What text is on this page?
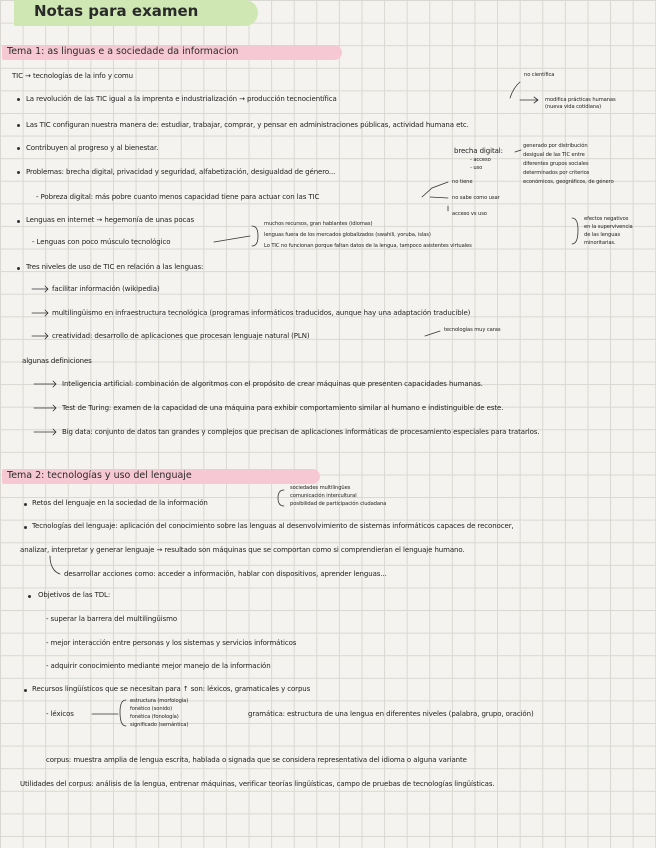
Notas para examen
Tema 1: as linguas e a sociedade da informacion
TIC → tecnologías de la info y comu	no científica
La revolución de las TIC igual a la imprenta e industrialización → producción tecnocientífica	modifica prácticas humanas
(nueva vida cotidiana)
Las TIC configuran nuestra manera de: estudiar, trabajar, comprar, y pensar en administraciones públicas, actividad humana etc.
Contribuyen al progreso y al bienestar.	brecha digital:
- acceso
- uso
generado por distribución
desigual de las TIC entre
diferentes grupos sociales
determinados por criterios
económicos, geográficos, de género
Problemas: brecha digital, privacidad y seguridad, alfabetización, desigualdad de género...
- Pobreza digital: más pobre cuanto menos capacidad tiene para actuar con las TIC
no tiene
no sabe como usar
acceso vs uso
Lenguas en internet → hegemonía de unas pocas	muchos recursos, gran hablantes (idiomas)
lenguas fuera de los mercados globalizados (swahili, yoruba, islas)
Lo TIC no funcionan porque faltan datos de la lengua, tampoco asistentes virtuales
- Lenguas con poco músculo tecnológico
efectos negativos
en la supervivencia
de las lenguas
minoritarias.
Tres niveles de uso de TIC en relación a las lenguas:
facilitar información (wikipedia)
multilingüismo en infraestructura tecnológica (programas informáticos traducidos, aunque hay una adaptación traducible)
creatividad: desarrollo de aplicaciones que procesan lenguaje natural (PLN)
tecnologías muy caras
algunas definiciones
Inteligencia artificial: combinación de algoritmos con el propósito de crear máquinas que presenten capacidades humanas.
Test de Turing: examen de la capacidad de una máquina para exhibir comportamiento similar al humano e indistinguible de este.
Big data: conjunto de datos tan grandes y complejos que precisan de aplicaciones informáticas de procesamiento especiales para tratarlos.
Tema 2: tecnologías y uso del lenguaje
Retos del lenguaje en la sociedad de la información
sociedades multilingües
comunicación intercultural
posibilidad de participación ciudadana
Tecnologías del lenguaje: aplicación del conocimiento sobre las lenguas al desenvolvimiento de sistemas informáticos capaces de reconocer,
analizar, interpretar y generar lenguaje → resultado son máquinas que se comportan como si comprendieran el lenguaje humano.
desarrollar acciones como: acceder a información, hablar con dispositivos, aprender lenguas...
Objetivos de las TDL:
- superar la barrera del multilingüismo
- mejor interacción entre personas y los sistemas y servicios informáticos
- adquirir conocimiento mediante mejor manejo de la información
Recursos lingüísticos que se necesitan para ↑ son: léxicos, gramaticales y corpus
- léxicos
estructura (morfología)
fonético (sonido)
fonética (fonología)
significado (semántica)
gramática: estructura de una lengua en diferentes niveles (palabra, grupo, oración)
corpus: muestra amplia de lengua escrita, hablada o signada que se considera representativa del idioma o alguna variante
Utilidades del corpus: análisis de la lengua, entrenar máquinas, verificar teorías lingüísticas, campo de pruebas de tecnologías lingüísticas.
